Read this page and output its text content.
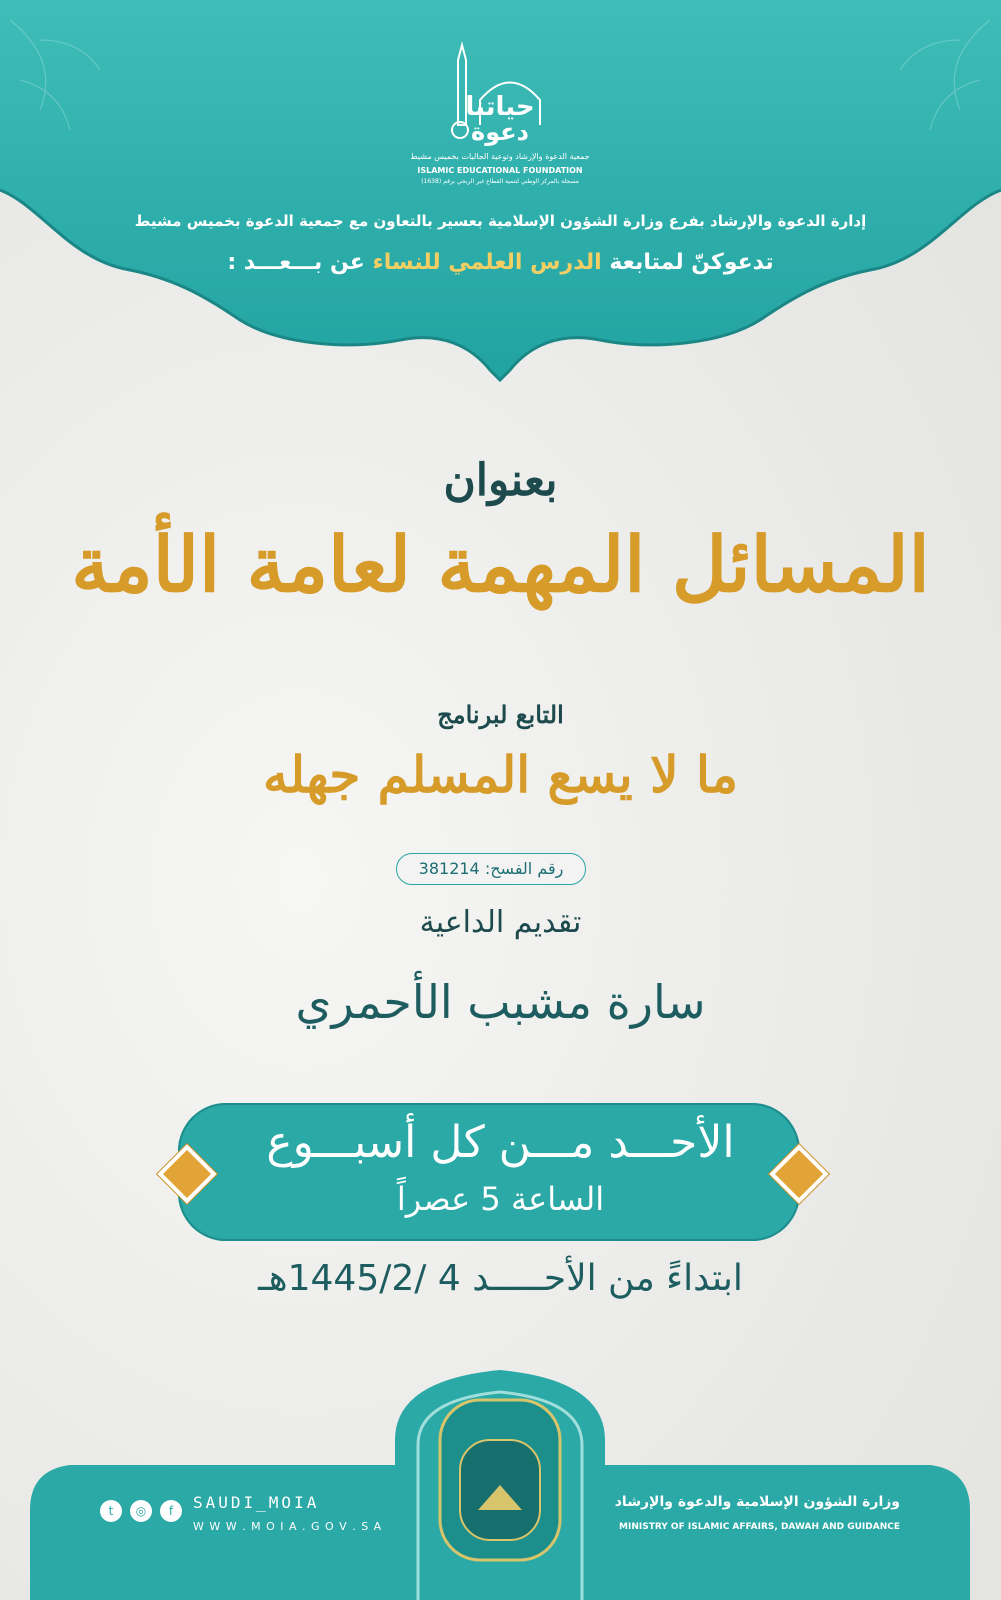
حياتنا
دعوة
جمعية الدعوة والإرشاد وتوعية الجاليات بخميس مشيط
ISLAMIC EDUCATIONAL FOUNDATION
مسجلة بالمركز الوطني لتنمية القطاع غير الربحي برقم (1638)
إدارة الدعوة والإرشاد بفرع وزارة الشؤون الإسلامية بعسير بالتعاون مع جمعية الدعوة بخميس مشيط
تدعوكنّ لمتابعة الدرس العلمي للنساء عن بـــعـــد :
بعنوان
المسائل المهمة لعامة الأمة
التابع لبرنامج
ما لا يسع المسلم جهله
رقم الفسح: 381214
تقديم الداعية
سارة مشبب الأحمري
الأحـــد مـــن كل أسبـــوع
الساعة 5 عصراً
ابتداءً من الأحـــــد 4 /1445/2هـ
SAUDI_MOIA
W W W . M O I A . G O V . S A
t	◎	f
وزارة الشؤون الإسلامية والدعوة والإرشاد
MINISTRY OF ISLAMIC AFFAIRS, DAWAH AND GUIDANCE
